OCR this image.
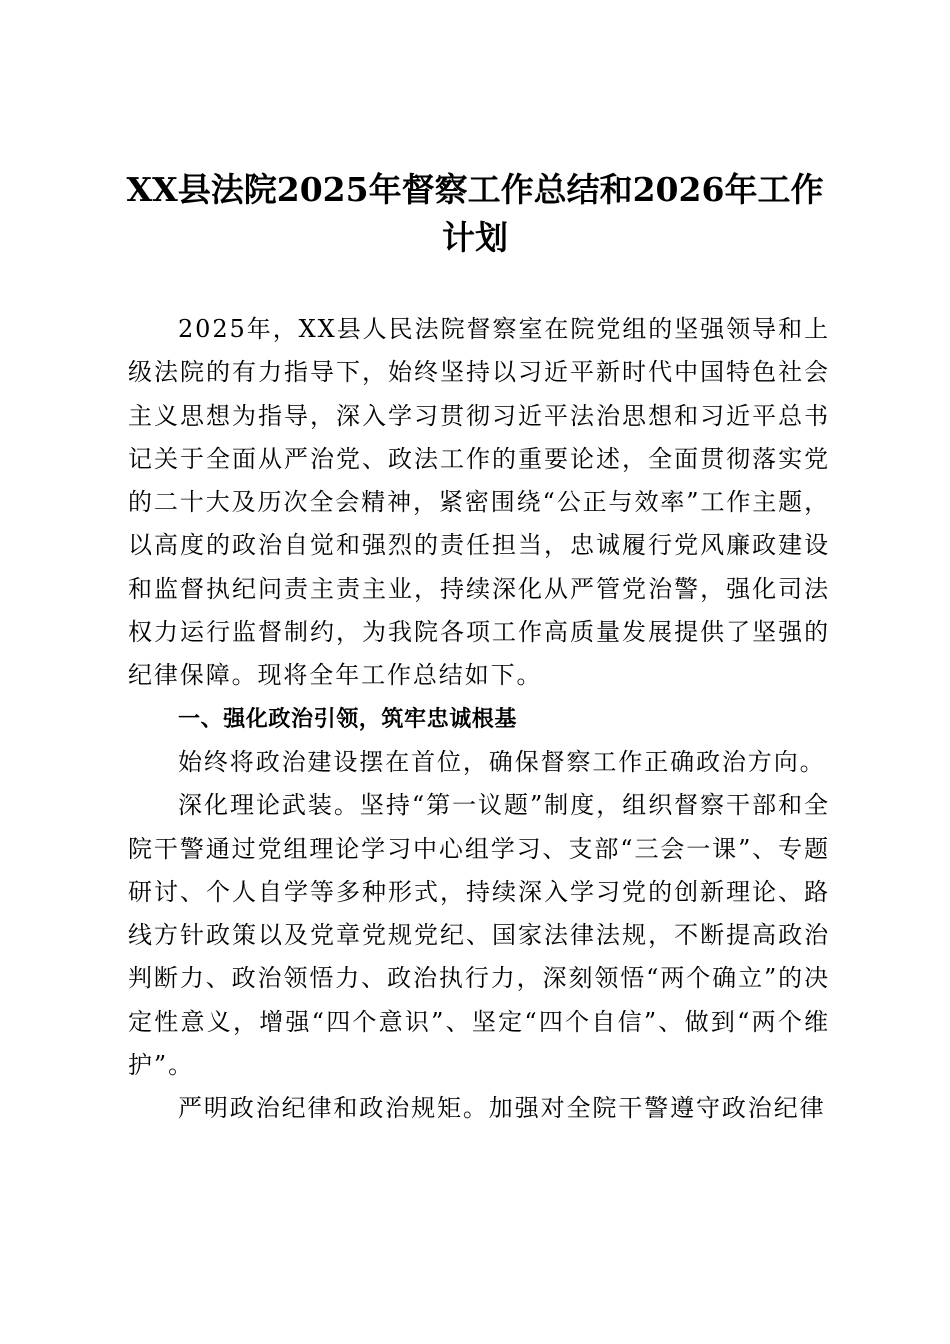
XX县法院2025年督察工作总结和2026年工作计划

2025年，XX县人民法院督察室在院党组的坚强领导和上级法院的有力指导下，始终坚持以习近平新时代中国特色社会主义思想为指导，深入学习贯彻习近平法治思想和习近平总书记关于全面从严治党、政法工作的重要论述，全面贯彻落实党的二十大及历次全会精神，紧密围绕“公正与效率”工作主题，以高度的政治自觉和强烈的责任担当，忠诚履行党风廉政建设和监督执纪问责主责主业，持续深化从严管党治警，强化司法权力运行监督制约，为我院各项工作高质量发展提供了坚强的纪律保障。现将全年工作总结如下。

一、强化政治引领，筑牢忠诚根基

始终将政治建设摆在首位，确保督察工作正确政治方向。

深化理论武装。坚持“第一议题”制度，组织督察干部和全院干警通过党组理论学习中心组学习、支部“三会一课”、专题研讨、个人自学等多种形式，持续深入学习党的创新理论、路线方针政策以及党章党规党纪、国家法律法规，不断提高政治判断力、政治领悟力、政治执行力，深刻领悟“两个确立”的决定性意义，增强“四个意识”、坚定“四个自信”、做到“两个维护”。

严明政治纪律和政治规矩。加强对全院干警遵守政治纪律
